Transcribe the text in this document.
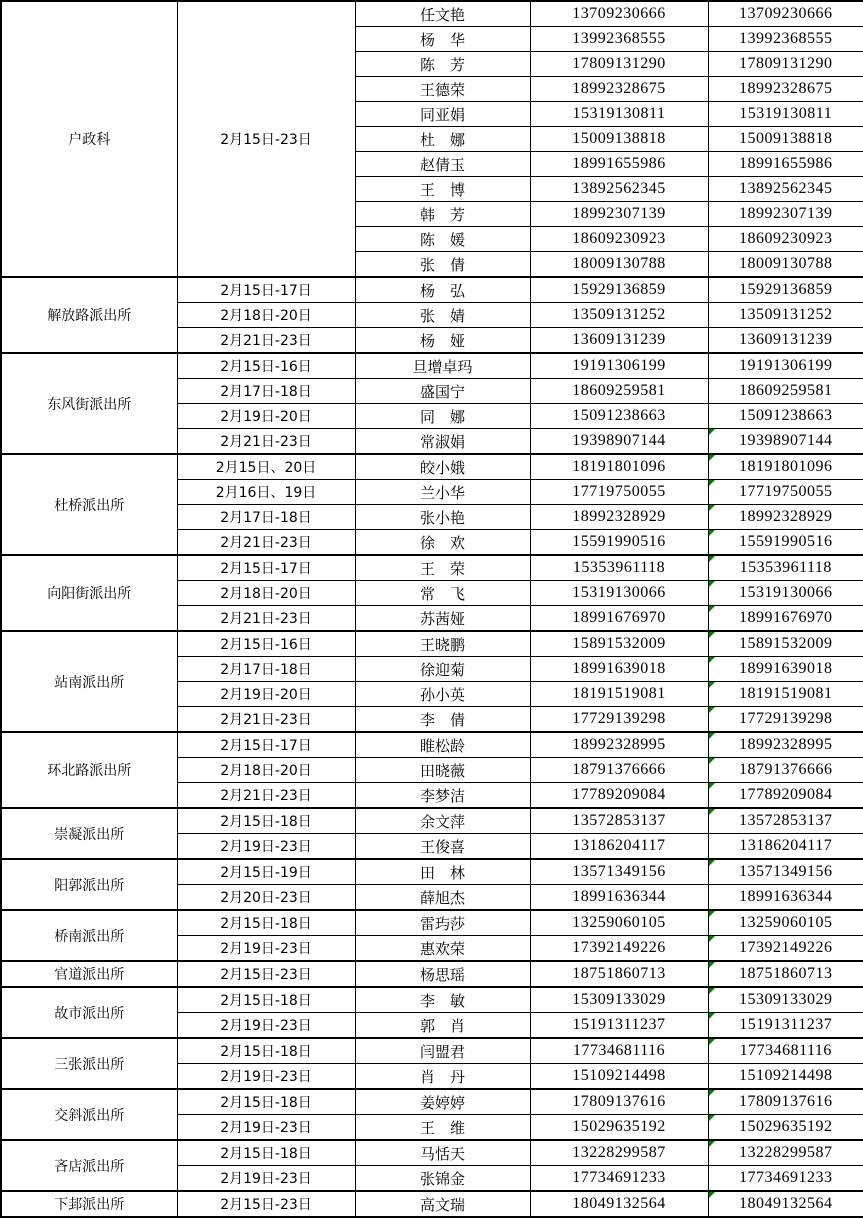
户政科	2月15日-23日	任文艳	13709230666	13709230666
		杨　华	13992368555	13992368555
		陈　芳	17809131290	17809131290
		王德荣	18992328675	18992328675
		同亚娟	15319130811	15319130811
		杜　娜	15009138818	15009138818
		赵倩玉	18991655986	18991655986
		王　博	13892562345	13892562345
		韩　芳	18992307139	18992307139
		陈　媛	18609230923	18609230923
		张　倩	18009130788	18009130788
解放路派出所	2月15日-17日	杨　弘	15929136859	15929136859
	2月18日-20日	张　婧	13509131252	13509131252
	2月21日-23日	杨　娅	13609131239	13609131239
东风街派出所	2月15日-16日	旦增卓玛	19191306199	19191306199
	2月17日-18日	盛国宁	18609259581	18609259581
	2月19日-20日	同　娜	15091238663	15091238663
	2月21日-23日	常淑娟	19398907144	19398907144

杜桥派出所	2月15日、20日	皎小娥	18191801096	18191801096

	2月16日、19日	兰小华	17719750055	17719750055

	2月17日-18日	张小艳	18992328929	18992328929

	2月21日-23日	徐　欢	15591990516	15591990516

向阳街派出所	2月15日-17日	王　荣	15353961118	15353961118

	2月18日-20日	常　飞	15319130066	15319130066

	2月21日-23日	苏茜娅	18991676970	18991676970

站南派出所	2月15日-16日	王晓鹏	15891532009	15891532009

	2月17日-18日	徐迎菊	18991639018	18991639018

	2月19日-20日	孙小英	18191519081	18191519081

	2月21日-23日	李　倩	17729139298	17729139298

环北路派出所	2月15日-17日	睢松龄	18992328995	18992328995

	2月18日-20日	田晓薇	18791376666	18791376666

	2月21日-23日	李梦洁	17789209084	17789209084

崇凝派出所	2月15日-18日	余文萍	13572853137	13572853137

	2月19日-23日	王俊喜	13186204117	13186204117
阳郭派出所	2月15日-19日	田　林	13571349156	13571349156

	2月20日-23日	薛旭杰	18991636344	18991636344
桥南派出所	2月15日-18日	雷玙莎	13259060105	13259060105

	2月19日-23日	惠欢荣	17392149226	17392149226

官道派出所	2月15日-23日	杨思瑶	18751860713	18751860713

故市派出所	2月15日-18日	李　敏	15309133029	15309133029

	2月19日-23日	郭　肖	15191311237	15191311237

三张派出所	2月15日-18日	闫盟君	17734681116	17734681116

	2月19日-23日	肖　丹	15109214498	15109214498
交斜派出所	2月15日-18日	姜婷婷	17809137616	17809137616

	2月19日-23日	王　维	15029635192	15029635192

吝店派出所	2月15日-18日	马恬天	13228299587	13228299587

	2月19日-23日	张锦金	17734691233	17734691233
下邽派出所	2月15日-23日	高文瑞	18049132564	18049132564
